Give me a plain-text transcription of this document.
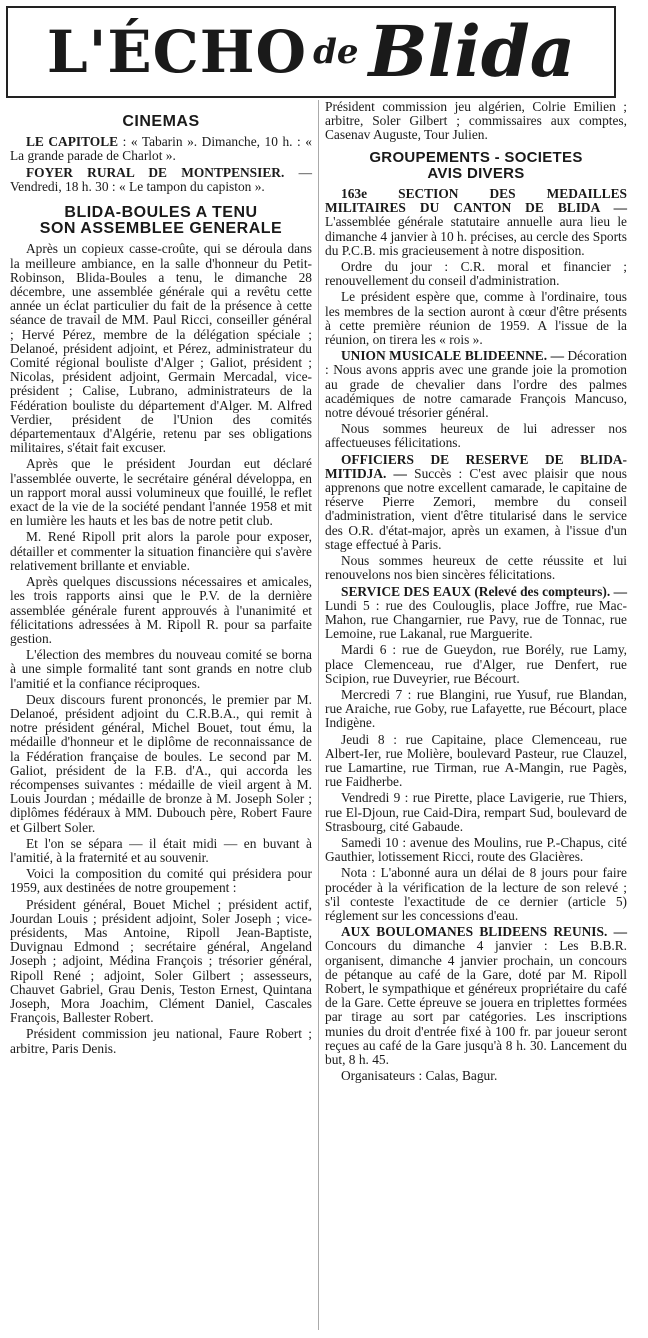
L'ÉCHO de Blida
CINEMAS

LE CAPITOLE : « Tabarin ». Dimanche, 10 h. : « La grande parade de Charlot ».

FOYER RURAL DE MONTPENSIER. — Vendredi, 18 h. 30 : « Le tampon du capiston ».

BLIDA-BOULES A TENU
SON ASSEMBLEE GENERALE

Après un copieux casse-croûte, qui se déroula dans la meilleure ambiance, en la salle d'honneur du Petit-Robinson, Blida-Boules a tenu, le dimanche 28 décembre, une assemblée générale qui a revêtu cette année un éclat particulier du fait de la présence à cette séance de travail de MM. Paul Ricci, conseiller général ; Hervé Pérez, membre de la délégation spéciale ; Delanoé, président adjoint, et Pérez, administrateur du Comité régional bouliste d'Alger ; Galiot, président ; Nicolas, président adjoint, Germain Mercadal, vice-président ; Calise, Lubrano, administrateurs de la Fédération bouliste du département d'Alger. M. Alfred Verdier, président de l'Union des comités départementaux d'Algérie, retenu par ses obligations militaires, s'était fait excuser.

Après que le président Jourdan eut déclaré l'assemblée ouverte, le secrétaire général développa, en un rapport moral aussi volumineux que fouillé, le reflet exact de la vie de la société pendant l'année 1958 et mit en lumière les hauts et les bas de notre petit club.

M. René Ripoll prit alors la parole pour exposer, détailler et commenter la situation financière qui s'avère relativement brillante et enviable.

Après quelques discussions nécessaires et amicales, les trois rapports ainsi que le P.V. de la dernière assemblée générale furent approuvés à l'unanimité et félicitations adressées à M. Ripoll R. pour sa parfaite gestion.

L'élection des membres du nouveau comité se borna à une simple formalité tant sont grands en notre club l'amitié et la confiance réciproques.

Deux discours furent prononcés, le premier par M. Delanoé, président adjoint du C.R.B.A., qui remit à notre président général, Michel Bouet, tout ému, la médaille d'honneur et le diplôme de reconnaissance de la Fédération française de boules. Le second par M. Galiot, président de la F.B. d'A., qui accorda les récompenses suivantes : médaille de vieil argent à M. Louis Jourdan ; médaille de bronze à M. Joseph Soler ; diplômes fédéraux à MM. Dubouch père, Robert Faure et Gilbert Soler.

Et l'on se sépara — il était midi — en buvant à l'amitié, à la fraternité et au souvenir.

Voici la composition du comité qui présidera pour 1959, aux destinées de notre groupement :

Président général, Bouet Michel ; président actif, Jourdan Louis ; président adjoint, Soler Joseph ; vice-présidents, Mas Antoine, Ripoll Jean-Baptiste, Duvignau Edmond ; secrétaire général, Angeland Joseph ; adjoint, Médina François ; trésorier général, Ripoll René ; adjoint, Soler Gilbert ; assesseurs, Chauvet Gabriel, Grau Denis, Teston Ernest, Quintana Joseph, Mora Joachim, Clément Daniel, Cascales François, Ballester Robert.

Président commission jeu national, Faure Robert ; arbitre, Paris Denis.

Président commission jeu algérien, Colrie Emilien ; arbitre, Soler Gilbert ; commissaires aux comptes, Casenav Auguste, Tour Julien.

GROUPEMENTS - SOCIETES
AVIS DIVERS

163e SECTION DES MEDAILLES MILITAIRES DU CANTON DE BLIDA — L'assemblée générale statutaire annuelle aura lieu le dimanche 4 janvier à 10 h. précises, au cercle des Sports du P.C.B. mis gracieusement à notre disposition.

Ordre du jour : C.R. moral et financier ; renouvellement du conseil d'administration.

Le président espère que, comme à l'ordinaire, tous les membres de la section auront à cœur d'être présents à cette première réunion de 1959. A l'issue de la réunion, on tirera les « rois ».

UNION MUSICALE BLIDEENNE. — Décoration : Nous avons appris avec une grande joie la promotion au grade de chevalier dans l'ordre des palmes académiques de notre camarade François Mancuso, notre dévoué trésorier général.

Nous sommes heureux de lui adresser nos affectueuses félicitations.

OFFICIERS DE RESERVE DE BLIDA-MITIDJA. — Succès : C'est avec plaisir que nous apprenons que notre excellent camarade, le capitaine de réserve Pierre Zemori, membre du conseil d'administration, vient d'être titularisé dans le service des O.R. d'état-major, après un examen, à l'issue d'un stage effectué à Paris.

Nous sommes heureux de cette réussite et lui renouvelons nos bien sincères félicitations.

SERVICE DES EAUX (Relevé des compteurs). — Lundi 5 : rue des Coulouglis, place Joffre, rue Mac-Mahon, rue Changarnier, rue Pavy, rue de Tonnac, rue Lemoine, rue Lakanal, rue Marguerite.

Mardi 6 : rue de Gueydon, rue Borély, rue Lamy, place Clemenceau, rue d'Alger, rue Denfert, rue Scipion, rue Duveyrier, rue Bécourt.

Mercredi 7 : rue Blangini, rue Yusuf, rue Blandan, rue Araiche, rue Goby, rue Lafayette, rue Bécourt, place Indigène.

Jeudi 8 : rue Capitaine, place Clemenceau, rue Albert-Ier, rue Molière, boulevard Pasteur, rue Clauzel, rue Lamartine, rue Tirman, rue A-Mangin, rue Pagès, rue Faidherbe.

Vendredi 9 : rue Pirette, place Lavigerie, rue Thiers, rue El-Djoun, rue Caid-Dira, rempart Sud, boulevard de Strasbourg, cité Gabaude.

Samedi 10 : avenue des Moulins, rue P.-Chapus, cité Gauthier, lotissement Ricci, route des Glacières.

Nota : L'abonné aura un délai de 8 jours pour faire procéder à la vérification de la lecture de son relevé ; s'il conteste l'exactitude de ce dernier (article 5) réglement sur les concessions d'eau.

AUX BOULOMANES BLIDEENS REUNIS. — Concours du dimanche 4 janvier : Les B.B.R. organisent, dimanche 4 janvier prochain, un concours de pétanque au café de la Gare, doté par M. Ripoll Robert, le sympathique et généreux propriétaire du café de la Gare. Cette épreuve se jouera en triplettes formées par tirage au sort par catégories. Les inscriptions munies du droit d'entrée fixé à 100 fr. par joueur seront reçues au café de la Gare jusqu'à 8 h. 30. Lancement du but, 8 h. 45.

Organisateurs : Calas, Bagur.
